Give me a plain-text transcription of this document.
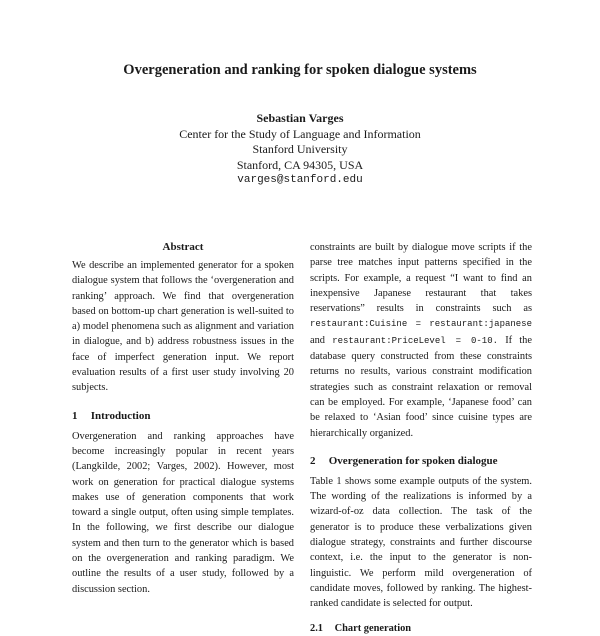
Overgeneration and ranking for spoken dialogue systems
Sebastian Varges
Center for the Study of Language and Information
Stanford University
Stanford, CA 94305, USA
varges@stanford.edu
Abstract

We describe an implemented generator for a spoken dialogue system that follows the ‘overgeneration and ranking’ approach. We find that overgeneration based on bottom-up chart generation is well-suited to a) model phenomena such as alignment and variation in dialogue, and b) address robustness issues in the face of imperfect generation input. We report evaluation results of a first user study involving 20 subjects.

1 Introduction

Overgeneration and ranking approaches have become increasingly popular in recent years (Langkilde, 2002; Varges, 2002). However, most work on generation for practical dialogue systems makes use of generation components that work toward a single output, often using simple templates. In the following, we first describe our dialogue system and then turn to the generator which is based on the overgeneration and ranking paradigm. We outline the results of a user study, followed by a discussion section.

constraints are built by dialogue move scripts if the parse tree matches input patterns specified in the scripts. For example, a request “I want to find an inexpensive Japanese restaurant that takes reservations” results in constraints such as restaurant:Cuisine = restaurant:japanese and restaurant:PriceLevel = 0-10. If the database query constructed from these constraints returns no results, various constraint modification strategies such as constraint relaxation or removal can be employed. For example, ‘Japanese food’ can be relaxed to ‘Asian food’ since cuisine types are hierarchically organized.

2 Overgeneration for spoken dialogue

Table 1 shows some example outputs of the system. The wording of the realizations is informed by a wizard-of-oz data collection. The task of the generator is to produce these verbalizations given dialogue strategy, constraints and further discourse context, i.e. the input to the generator is non-linguistic. We perform mild overgeneration of candidate moves, followed by ranking. The highest-ranked candidate is selected for output.

2.1 Chart generation
